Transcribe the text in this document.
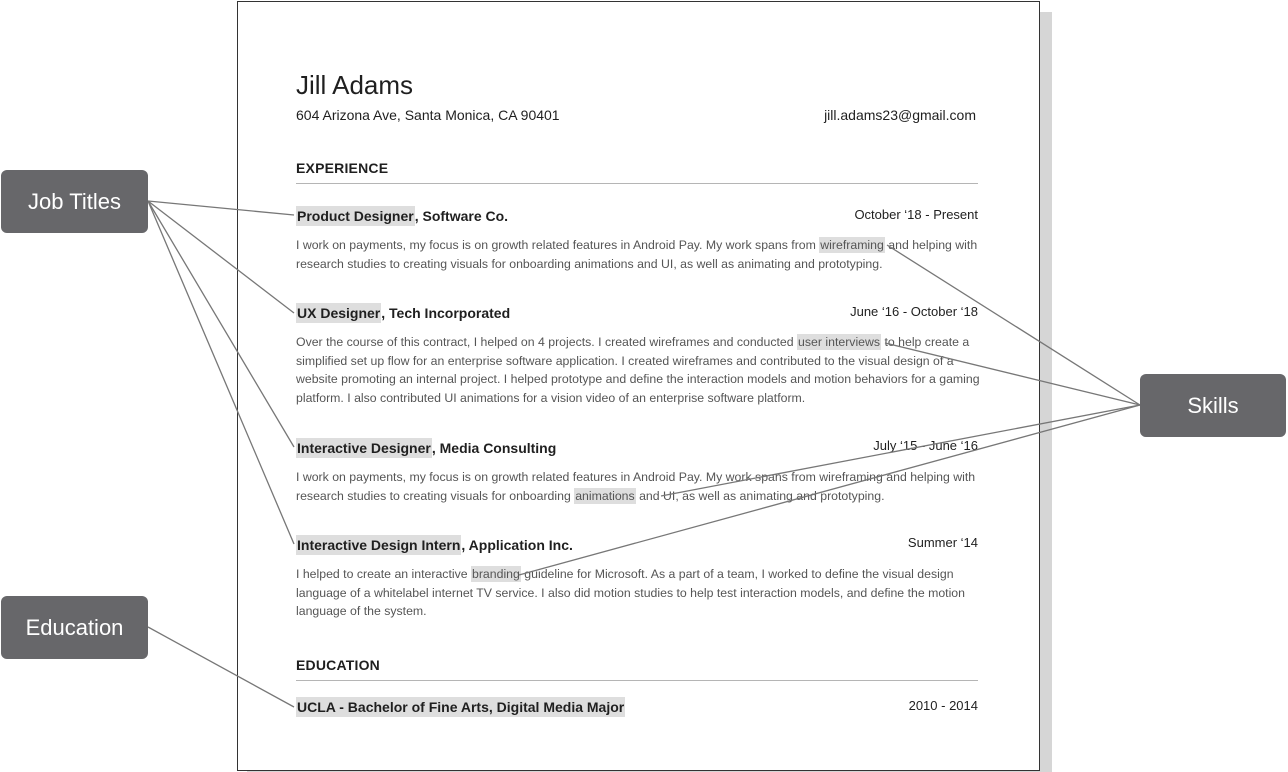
Jill Adams
604 Arizona Ave, Santa Monica, CA 90401	jill.adams23@gmail.com
EXPERIENCE
Product Designer, Software Co.	October ‘18 - Present
I work on payments, my focus is on growth related features in Android Pay. My work spans from wireframing and helping with research studies to creating visuals for onboarding animations and UI, as well as animating and prototyping.
UX Designer, Tech Incorporated	June ‘16 - October ‘18
Over the course of this contract, I helped on 4 projects. I created wireframes and conducted user interviews to help create a simplified set up flow for an enterprise software application. I created wireframes and contributed to the visual design of a website promoting an internal project. I helped prototype and define the interaction models and motion behaviors for a gaming platform. I also contributed UI animations for a vision video of an enterprise software platform.
Interactive Designer, Media Consulting	July ‘15 - June ‘16
I work on payments, my focus is on growth related features in Android Pay. My work spans from wireframing and helping with research studies to creating visuals for onboarding animations and UI, as well as animating and prototyping.
Interactive Design Intern, Application Inc.	Summer ‘14
I helped to create an interactive branding guideline for Microsoft. As a part of a team, I worked to define the visual design language of a whitelabel internet TV service. I also did motion studies to help test interaction models, and define the motion language of the system.
EDUCATION
UCLA - Bachelor of Fine Arts, Digital Media Major	2010 - 2014
Job Titles
Education
Skills
